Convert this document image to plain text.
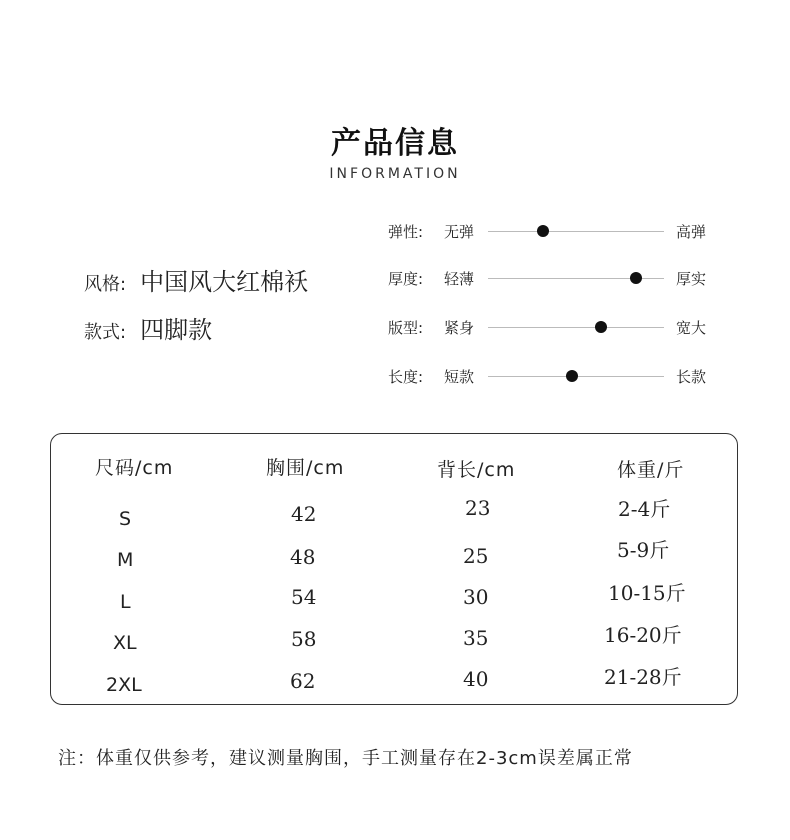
产品信息
INFORMATION
风格: 中国风大红棉袄
款式: 四脚款
弹性: 无弹	高弹
厚度: 轻薄	厚实
版型: 紧身	宽大
长度: 短款	长款
尺码/cm	胸围/cm	背长/cm	体重/斤
S	42	23	2-4斤
M	48	25	5-9斤
L	54	30	10-15斤
XL	58	35	16-20斤
2XL	62	40	21-28斤
注：体重仅供参考，建议测量胸围，手工测量存在2-3cm误差属正常
